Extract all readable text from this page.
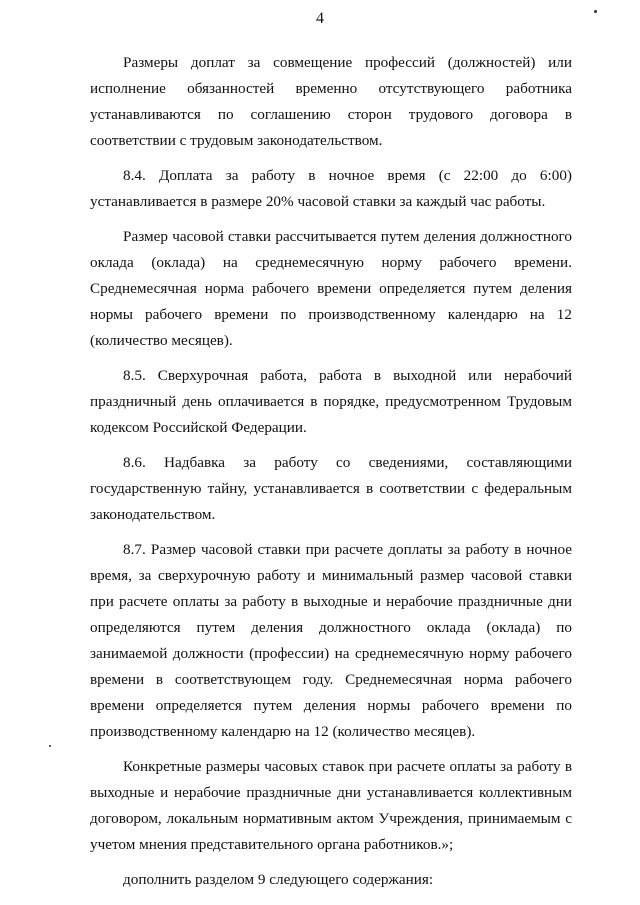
4

Размеры доплат за совмещение профессий (должностей) или исполнение обязанностей временно отсутствующего работника устанавливаются по соглашению сторон трудового договора в соответствии с трудовым законодательством.

8.4. Доплата за работу в ночное время (с 22:00 до 6:00) устанавливается в размере 20% часовой ставки за каждый час работы.

Размер часовой ставки рассчитывается путем деления должностного оклада (оклада) на среднемесячную норму рабочего времени. Среднемесячная норма рабочего времени определяется путем деления нормы рабочего времени по производственному календарю на 12 (количество месяцев).

8.5. Сверхурочная работа, работа в выходной или нерабочий праздничный день оплачивается в порядке, предусмотренном Трудовым кодексом Российской Федерации.

8.6. Надбавка за работу со сведениями, составляющими государственную тайну, устанавливается в соответствии с федеральным законодательством.

8.7. Размер часовой ставки при расчете доплаты за работу в ночное время, за сверхурочную работу и минимальный размер часовой ставки при расчете оплаты за работу в выходные и нерабочие праздничные дни определяются путем деления должностного оклада (оклада) по занимаемой должности (профессии) на среднемесячную норму рабочего времени в соответствующем году. Среднемесячная норма рабочего времени определяется путем деления нормы рабочего времени по производственному календарю на 12 (количество месяцев).

Конкретные размеры часовых ставок при расчете оплаты за работу в выходные и нерабочие праздничные дни устанавливается коллективным договором, локальным нормативным актом Учреждения, принимаемым с учетом мнения представительного органа работников.»;

дополнить разделом 9 следующего содержания:
